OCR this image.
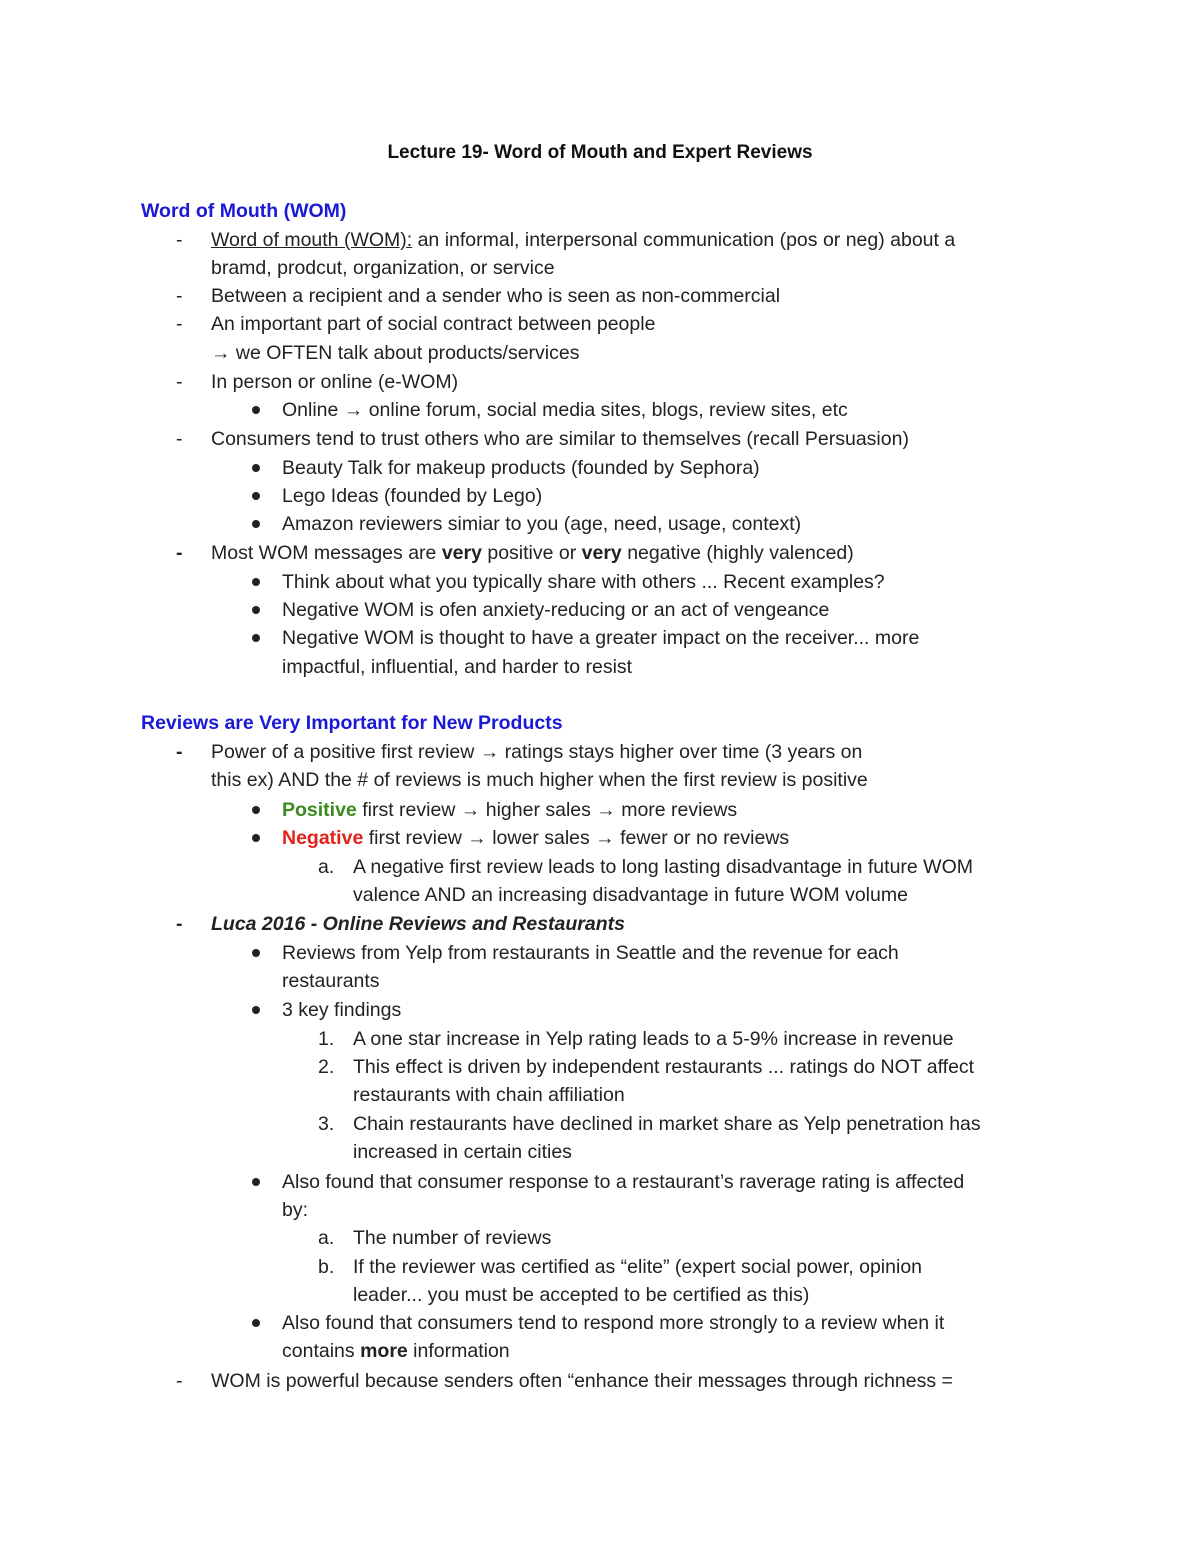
Lecture 19- Word of Mouth and Expert Reviews
Word of Mouth (WOM)
- Word of mouth (WOM): an informal, interpersonal communication (pos or neg) about a
bramd, prodcut, organization, or service
- Between a recipient and a sender who is seen as non-commercial
- An important part of social contract between people
→ we OFTEN talk about products/services
- In person or online (e-WOM)
Online → online forum, social media sites, blogs, review sites, etc
- Consumers tend to trust others who are similar to themselves (recall Persuasion)
Beauty Talk for makeup products (founded by Sephora)
Lego Ideas (founded by Lego)
Amazon reviewers simiar to you (age, need, usage, context)
- Most WOM messages are very positive or very negative (highly valenced)
Think about what you typically share with others ... Recent examples?
Negative WOM is ofen anxiety-reducing or an act of vengeance
Negative WOM is thought to have a greater impact on the receiver... more
impactful, influential, and harder to resist
Reviews are Very Important for New Products
- Power of a positive first review → ratings stays higher over time (3 years on
this ex) AND the # of reviews is much higher when the first review is positive
Positive first review → higher sales → more reviews
Negative first review → lower sales → fewer or no reviews
a. A negative first review leads to long lasting disadvantage in future WOM
valence AND an increasing disadvantage in future WOM volume
- Luca 2016 - Online Reviews and Restaurants
Reviews from Yelp from restaurants in Seattle and the revenue for each
restaurants
3 key findings
1. A one star increase in Yelp rating leads to a 5-9% increase in revenue
2. This effect is driven by independent restaurants ... ratings do NOT affect
restaurants with chain affiliation
3. Chain restaurants have declined in market share as Yelp penetration has
increased in certain cities
Also found that consumer response to a restaurant’s raverage rating is affected
by:
a. The number of reviews
b. If the reviewer was certified as “elite” (expert social power, opinion
leader... you must be accepted to be certified as this)
Also found that consumers tend to respond more strongly to a review when it
contains more information
- WOM is powerful because senders often “enhance their messages through richness =
